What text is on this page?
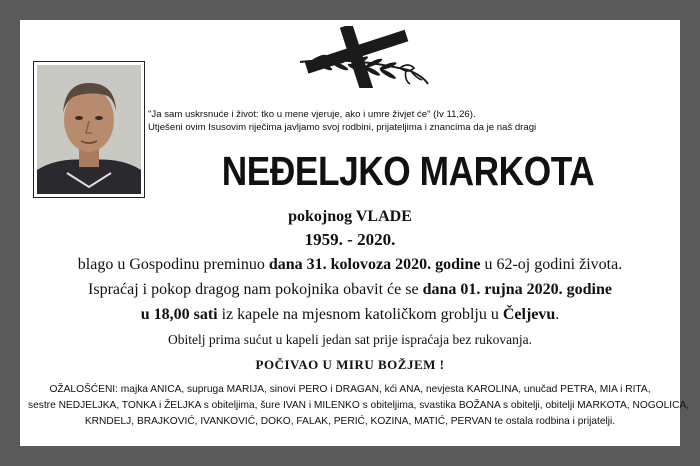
"Ja sam uskrsnuće i život: tko u mene vjeruje, ako i umre živjet će" (Iv 11,26).
Utješeni ovim Isusovim riječima javljamo svoj rodbini, prijateljima i znancima da je naš dragi
NEĐELJKO MARKOTA
pokojnog VLADE
1959. - 2020.
blago u Gospodinu preminuo dana 31. kolovoza 2020. godine u 62-oj godini života.
Ispraćaj i pokop dragog nam pokojnika obavit će se dana 01. rujna 2020. godine
u 18,00 sati iz kapele na mjesnom katoličkom groblju u Čeljevu.
Obitelj prima sućut u kapeli jedan sat prije ispraćaja bez rukovanja.
POČIVAO U MIRU BOŽJEM !
OŽALOŠĆENI: majka ANICA, supruga MARIJA, sinovi PERO i DRAGAN, kći ANA, nevjesta KAROLINA, unučad PETRA, MIA i RITA,
sestre NEDJELJKA, TONKA i ŽELJKA s obiteljima, šure IVAN i MILENKO s obiteljima, svastika BOŽANA s obitelji, obitelji MARKOTA, NOGOLICA,
KRNDELJ, BRAJKOVIĆ, IVANKOVIĆ, DOKO, FALAK, PERIĆ, KOZINA, MATIĆ, PERVAN te ostala rodbina i prijatelji.
